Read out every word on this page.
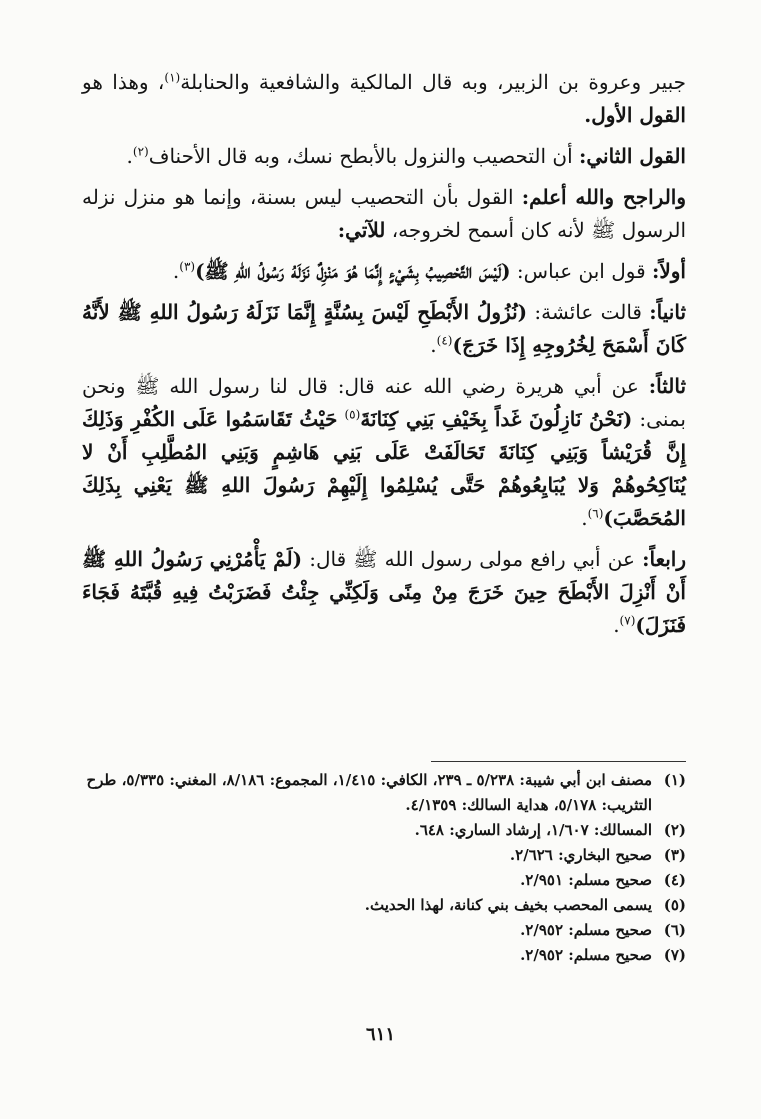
جبير وعروة بن الزبير، وبه قال المالكية والشافعية والحنابلة$^{(١)}$، وهذا هو القول الأول.

القول الثاني: أن التحصيب والنزول بالأبطح نسك، وبه قال الأحناف$^{(٢)}$.

والراجح والله أعلم: القول بأن التحصيب ليس بسنة، وإنما هو منزل نزله الرسول ﷺ لأنه كان أسمح لخروجه، للآتي:

أولاً: قول ابن عباس: (لَيْسَ التَّحْصِيبُ بِشَيْءٍ إِنَّمَا هُوَ مَنْزِلٌ نَزَلَهُ رَسُولُ اللهِ ﷺ)$^{(٣)}$.

ثانياً: قالت عائشة: (نُزُولُ الأَبْطَحِ لَيْسَ بِسُنَّةٍ إِنَّمَا نَزَلَهُ رَسُولُ اللهِ ﷺ لأَنَّهُ كَانَ أَسْمَحَ لِخُرُوجِهِ إِذَا خَرَجَ)$^{(٤)}$.

ثالثاً: عن أبي هريرة رضي الله عنه قال: قال لنا رسول الله ﷺ ونحن بمنى: (نَحْنُ نَازِلُونَ غَداً بِخَيْفِ بَنِي كِنَانَةَ$^{(٥)}$ حَيْثُ تَقَاسَمُوا عَلَى الكُفْرِ وَذَلِكَ إِنَّ قُرَيْشاً وَبَنِي كِنَانَةَ تَحَالَفَتْ عَلَى بَنِي هَاشِمٍ وَبَنِي المُطَّلِبِ أَنْ لا يُنَاكِحُوهُمْ وَلا يُبَايِعُوهُمْ حَتَّى يُسْلِمُوا إِلَيْهِمْ رَسُولَ اللهِ ﷺ يَعْنِي بِذَلِكَ المُحَصَّبَ)$^{(٦)}$.

رابعاً: عن أبي رافع مولى رسول الله ﷺ قال: (لَمْ يَأْمُرْنِي رَسُولُ اللهِ ﷺ أَنْ أَنْزِلَ الأَبْطَحَ حِينَ خَرَجَ مِنْ مِنًى وَلَكِنِّي جِئْتُ فَضَرَبْتُ فِيهِ قُبَّتَهُ فَجَاءَ فَنَزَلَ)$^{(٧)}$.

(١)
مصنف ابن أبي شيبة: ٥/٢٣٨ ـ ٢٣٩، الكافي: ١/٤١٥، المجموع: ٨/١٨٦، المغني: ٥/٣٣٥، طرح التثريب: ٥/١٧٨، هداية السالك: ٤/١٣٥٩.
(٢)
المسالك: ١/٦٠٧، إرشاد الساري: ٦٤٨.
(٣)
صحيح البخاري: ٢/٦٢٦.
(٤)
صحيح مسلم: ٢/٩٥١.
(٥)
يسمى المحصب بخيف بني كنانة، لهذا الحديث.
(٦)
صحيح مسلم: ٢/٩٥٢.
(٧)
صحيح مسلم: ٢/٩٥٢.
٦١١
